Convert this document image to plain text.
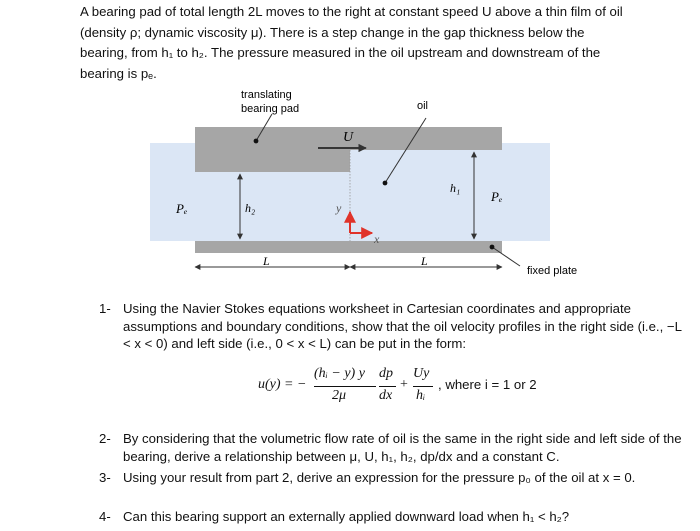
A bearing pad of total length 2L moves to the right at constant speed U above a thin film of oil
(density ρ; dynamic viscosity μ). There is a step change in the gap thickness below the
bearing, from h₁ to h₂. The pressure measured in the oil upstream and downstream of the
bearing is pₑ.
translating
bearing pad	oil
U
Pₑ	h₂
h₁
Pₑ
y
x
L	L
fixed plate
1- Using the Navier Stokes equations worksheet in Cartesian coordinates and appropriate assumptions and boundary conditions, show that the oil velocity profiles in the right side (i.e., −L < x < 0) and left side (i.e., 0 < x < L) can be put in the form:
u(y) = −
(hᵢ − y) y
2μ
dp
dx
+
Uy
hᵢ
, where i = 1 or 2
2- By considering that the volumetric flow rate of oil is the same in the right side and left side of the bearing, derive a relationship between μ, U, h₁, h₂, dp/dx and a constant C.
3- Using your result from part 2, derive an expression for the pressure p₀ of the oil at x = 0.
4- Can this bearing support an externally applied downward load when h₁ < h₂?
